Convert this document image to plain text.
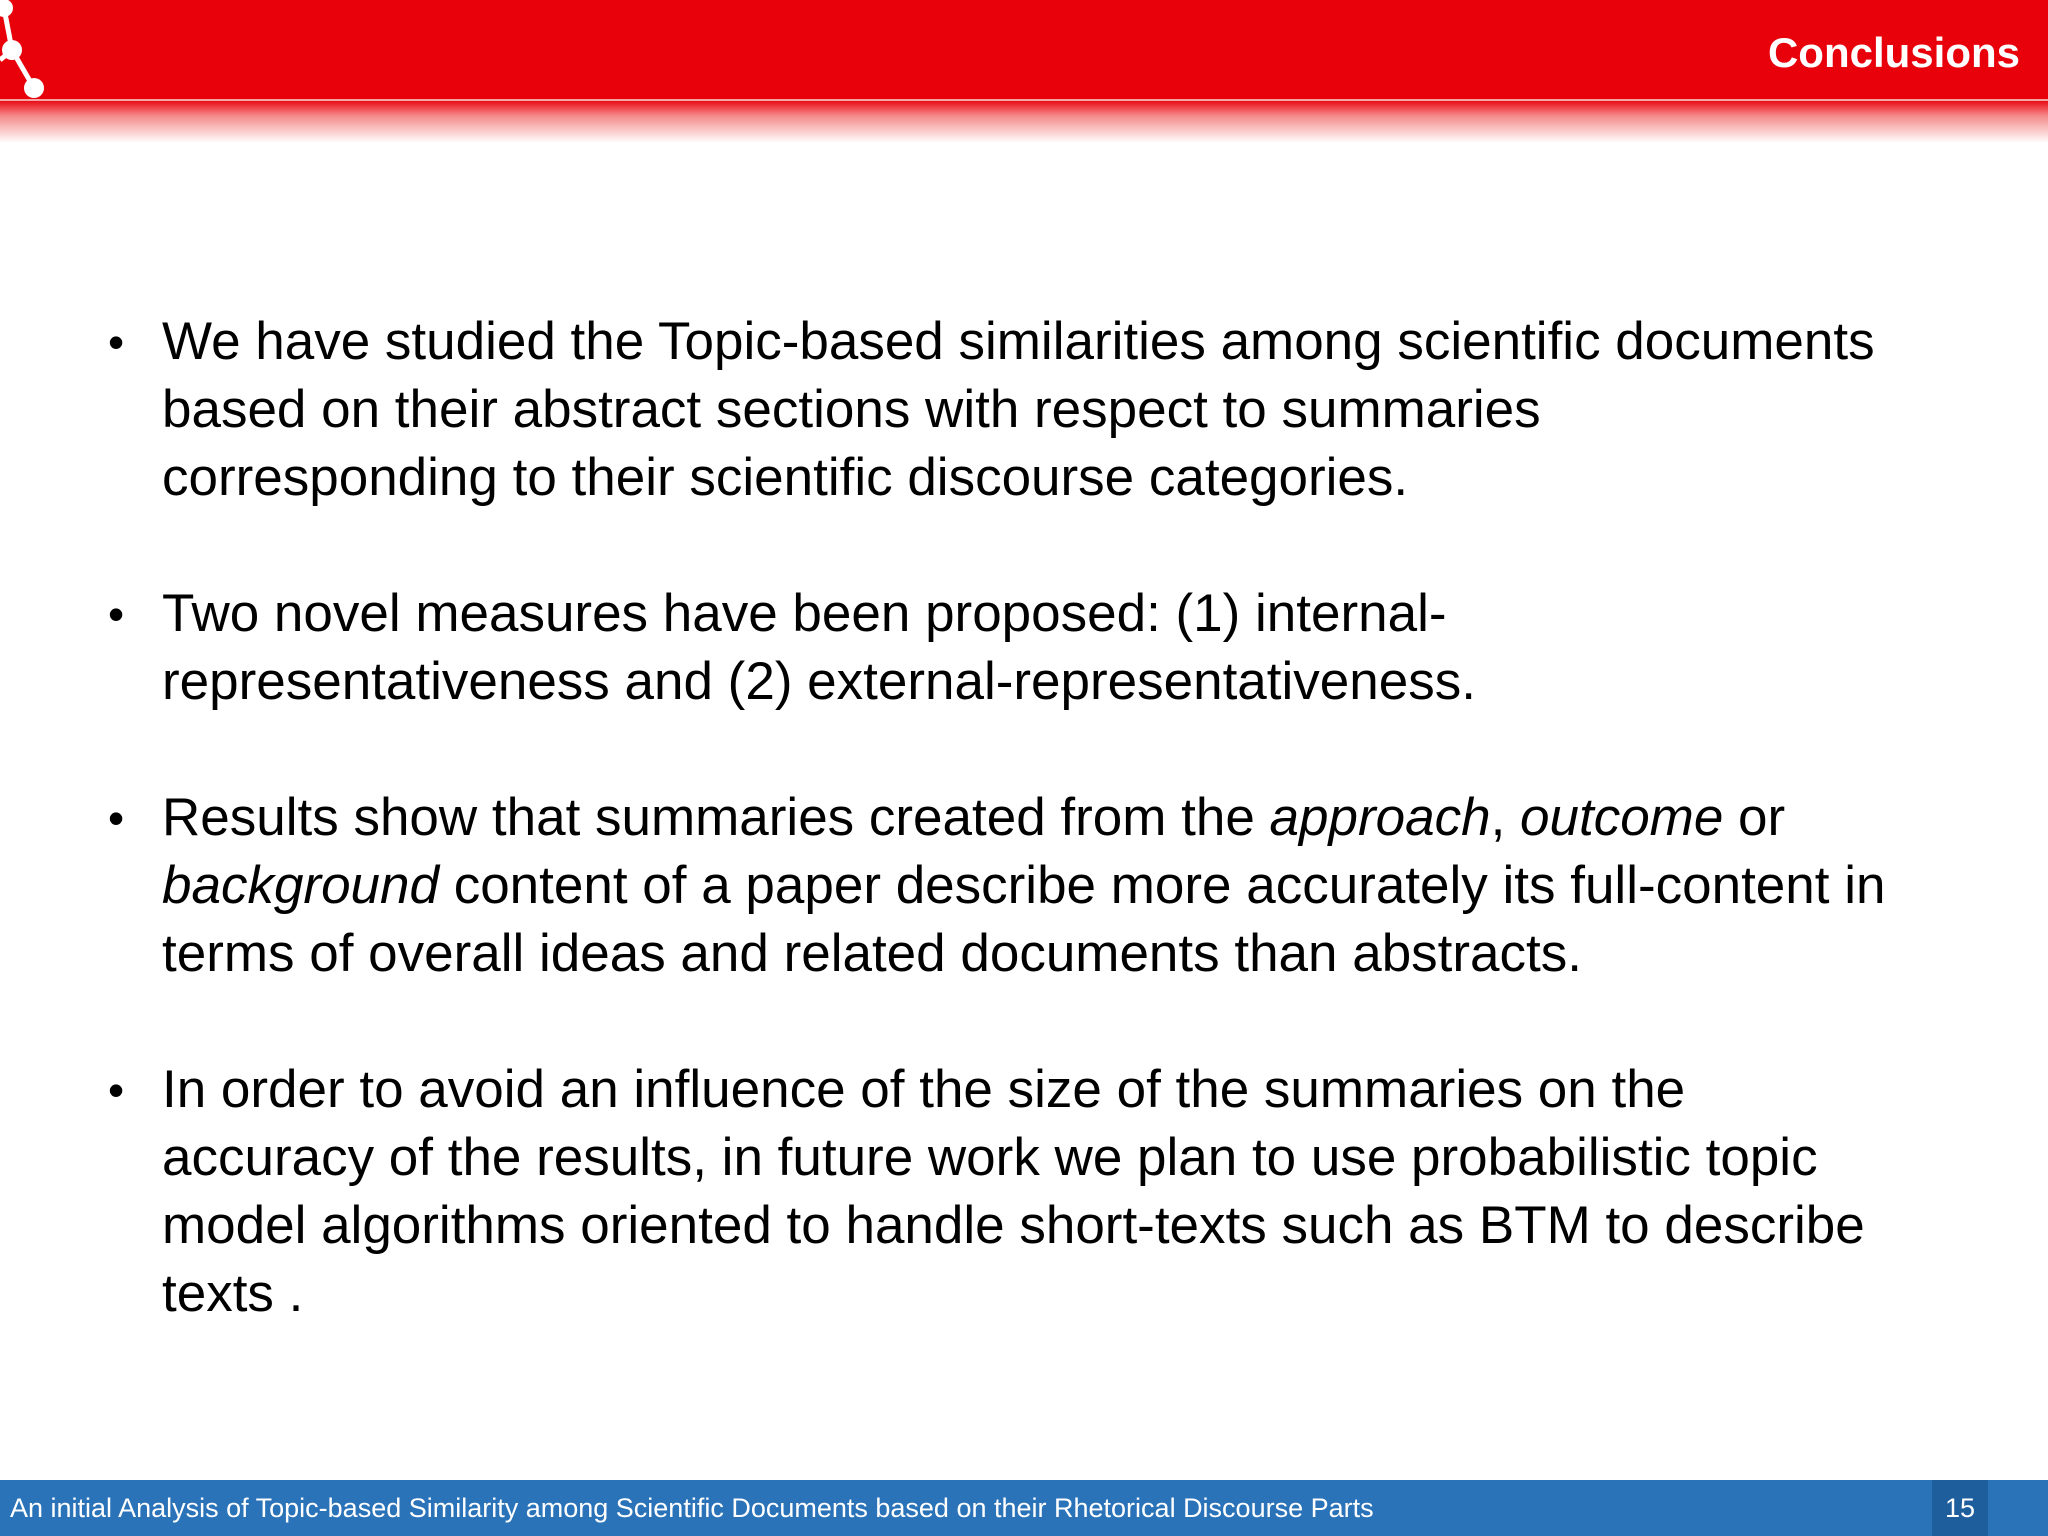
Conclusions
• We have studied the Topic-based similarities among scientific documents
based on their abstract sections with respect to summaries
corresponding to their scientific discourse categories.
• Two novel measures have been proposed: (1) internal-
representativeness and (2) external-representativeness.
• Results show that summaries created from the approach, outcome or
background content of a paper describe more accurately its full-content in
terms of overall ideas and related documents than abstracts.
• In order to avoid an influence of the size of the summaries on the
accuracy of the results, in future work we plan to use probabilistic topic
model algorithms oriented to handle short-texts such as BTM to describe
texts .
An initial Analysis of Topic-based Similarity among Scientific Documents based on their Rhetorical Discourse Parts	15
